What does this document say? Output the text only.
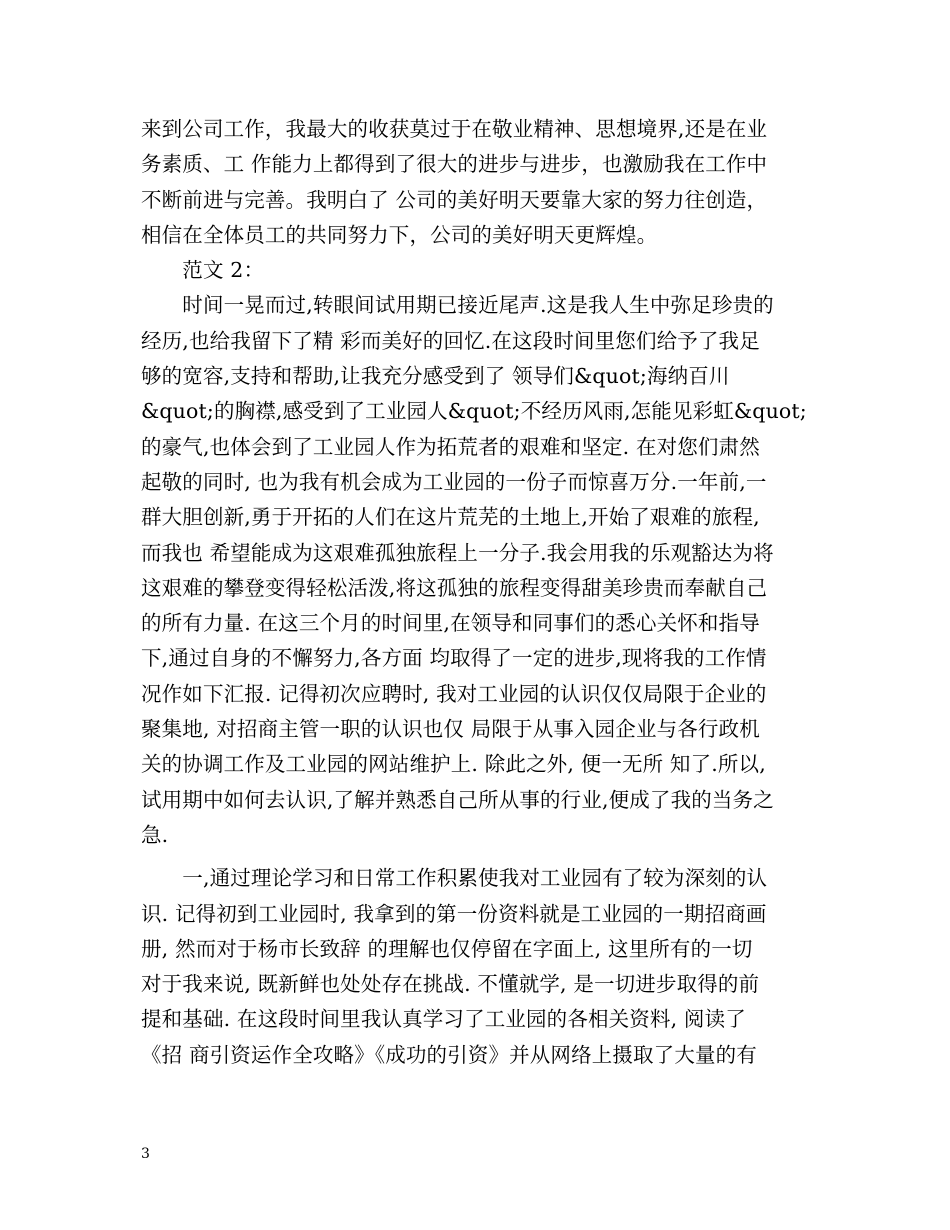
来到公司工作，我最大的收获莫过于在敬业精神、思想境界,还是在业
务素质、工 作能力上都得到了很大的进步与进步，也激励我在工作中
不断前进与完善。我明白了 公司的美好明天要靠大家的努力往创造，
相信在全体员工的共同努力下，公司的美好明天更辉煌。
　　范文 2：
　　时间一晃而过,转眼间试用期已接近尾声.这是我人生中弥足珍贵的
经历,也给我留下了精 彩而美好的回忆.在这段时间里您们给予了我足
够的宽容,支持和帮助,让我充分感受到了 领导们&quot;海纳百川
&quot;的胸襟,感受到了工业园人&quot;不经历风雨,怎能见彩虹&quot;
的豪气,也体会到了工业园人作为拓荒者的艰难和坚定. 在对您们肃然
起敬的同时, 也为我有机会成为工业园的一份子而惊喜万分.一年前,一
群大胆创新,勇于开拓的人们在这片荒芜的土地上,开始了艰难的旅程,
而我也 希望能成为这艰难孤独旅程上一分子.我会用我的乐观豁达为将
这艰难的攀登变得轻松活泼,将这孤独的旅程变得甜美珍贵而奉献自己
的所有力量. 在这三个月的时间里,在领导和同事们的悉心关怀和指导
下,通过自身的不懈努力,各方面 均取得了一定的进步,现将我的工作情
况作如下汇报. 记得初次应聘时, 我对工业园的认识仅仅局限于企业的
聚集地, 对招商主管一职的认识也仅 局限于从事入园企业与各行政机
关的协调工作及工业园的网站维护上. 除此之外, 便一无所 知了.所以,
试用期中如何去认识,了解并熟悉自己所从事的行业,便成了我的当务之
急.
　　一,通过理论学习和日常工作积累使我对工业园有了较为深刻的认
识. 记得初到工业园时, 我拿到的第一份资料就是工业园的一期招商画
册, 然而对于杨市长致辞 的理解也仅停留在字面上, 这里所有的一切
对于我来说, 既新鲜也处处存在挑战. 不懂就学, 是一切进步取得的前
提和基础. 在这段时间里我认真学习了工业园的各相关资料, 阅读了
《招 商引资运作全攻略》《成功的引资》并从网络上摄取了大量的有
3
